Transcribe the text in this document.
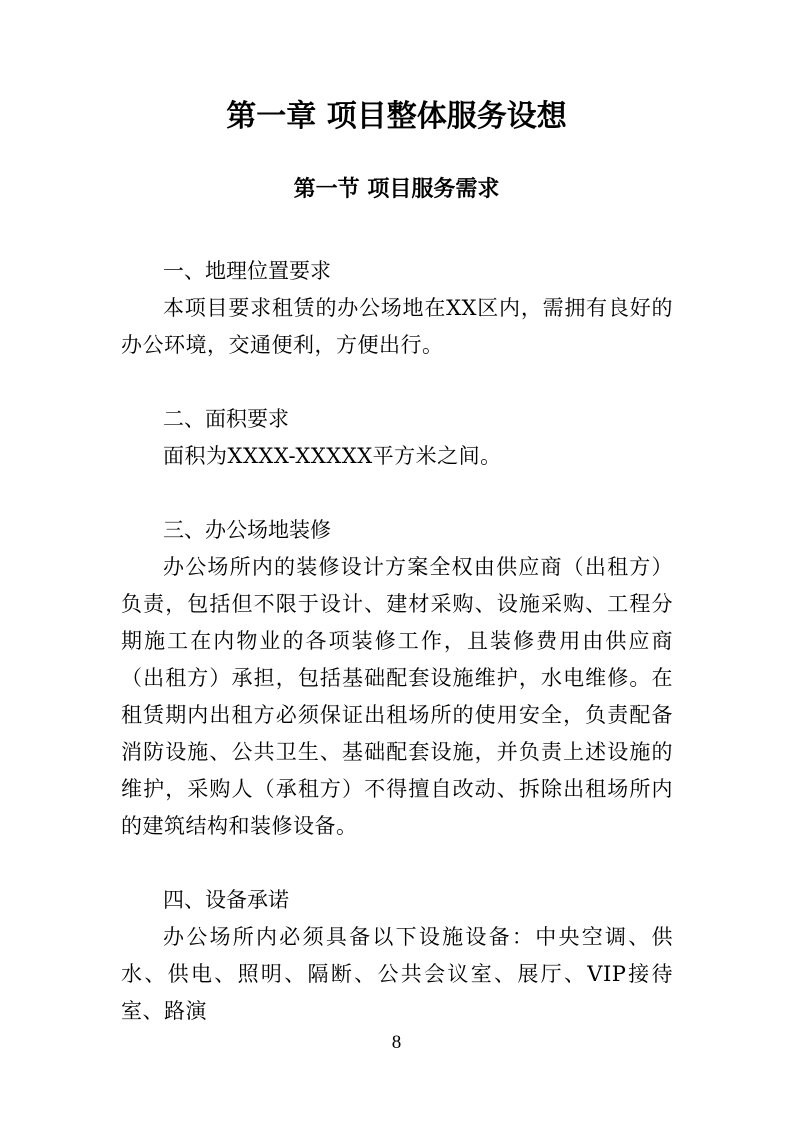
第一章 项目整体服务设想
第一节 项目服务需求

一、地理位置要求

本项目要求租赁的办公场地在XX区内，需拥有良好的办公环境，交通便利，方便出行。

二、面积要求

面积为XXXX-XXXXX平方米之间。

三、办公场地装修

办公场所内的装修设计方案全权由供应商（出租方）负责，包括但不限于设计、建材采购、设施采购、工程分期施工在内物业的各项装修工作，且装修费用由供应商（出租方）承担，包括基础配套设施维护，水电维修。在租赁期内出租方必须保证出租场所的使用安全，负责配备消防设施、公共卫生、基础配套设施，并负责上述设施的维护，采购人（承租方）不得擅自改动、拆除出租场所内的建筑结构和装修设备。

四、设备承诺

办公场所内必须具备以下设施设备：中央空调、供水、供电、照明、隔断、公共会议室、展厅、VIP接待室、路演

8
